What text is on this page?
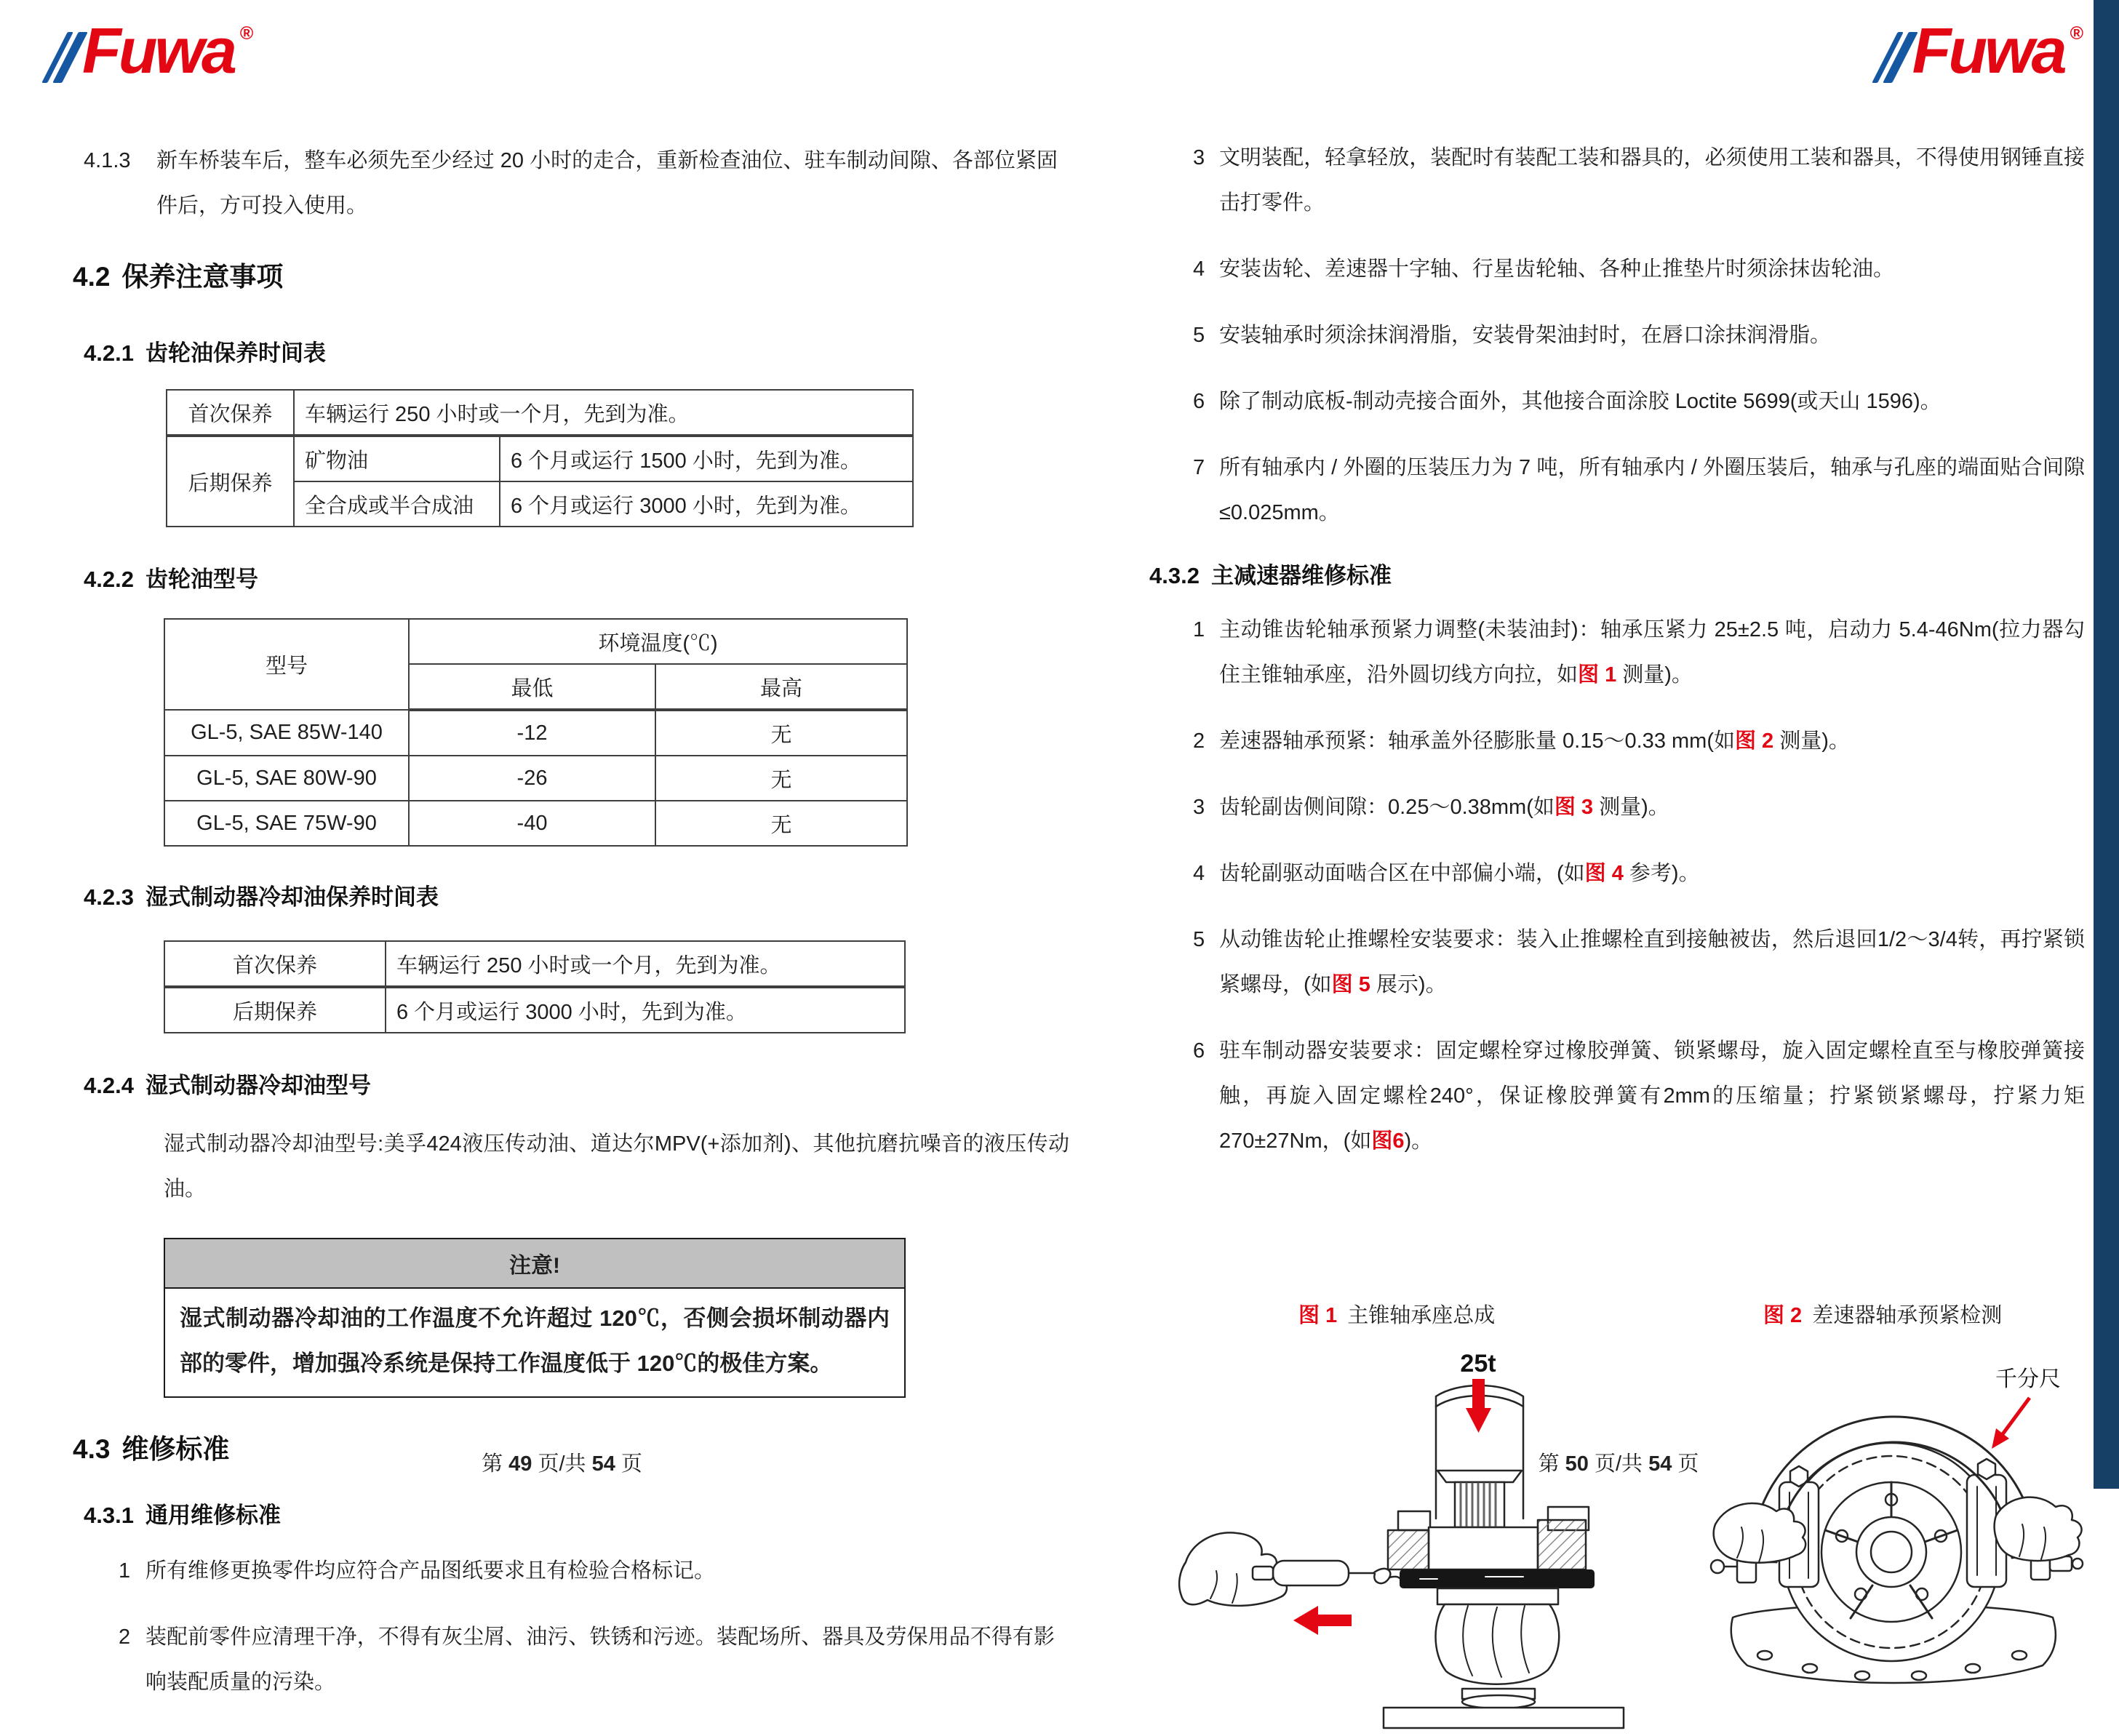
Fuwa ®

4.1.3 新车桥装车后，整车必须先至少经过 20 小时的走合，重新检查油位、驻车制动间隙、各部位紧固件后，方可投入使用。

4.2 保养注意事项
4.2.1 齿轮油保养时间表
首次保养	车辆运行 250 小时或一个月，先到为准。	
后期保养	矿物油	6 个月或运行 1500 小时，先到为准。
	全合成或半合成油	6 个月或运行 3000 小时，先到为准。
4.2.2 齿轮油型号
型号	环境温度(℃)	
	最低	最高
GL-5, SAE 85W-140	-12	无
GL-5, SAE 80W-90	-26	无
GL-5, SAE 75W-90	-40	无
4.2.3 湿式制动器冷却油保养时间表
首次保养	车辆运行 250 小时或一个月，先到为准。
后期保养	6 个月或运行 3000 小时，先到为准。
4.2.4 湿式制动器冷却油型号

湿式制动器冷却油型号:美孚424液压传动油、道达尔MPV(+添加剂)、其他抗磨抗噪音的液压传动油。

注意!
湿式制动器冷却油的工作温度不允许超过 120℃，否侧会损坏制动器内部的零件，增加强冷系统是保持工作温度低于 120℃的极佳方案。
4.3 维修标准
4.3.1 通用维修标准

1 所有维修更换零件均应符合产品图纸要求且有检验合格标记。

2 装配前零件应清理干净，不得有灰尘屑、油污、铁锈和污迹。装配场所、器具及劳保用品不得有影响装配质量的污染。

第 49 页/共 54 页
Fuwa ®

3 文明装配，轻拿轻放，装配时有装配工装和器具的，必须使用工装和器具，不得使用钢锤直接击打零件。

4 安装齿轮、差速器十字轴、行星齿轮轴、各种止推垫片时须涂抹齿轮油。

5 安装轴承时须涂抹润滑脂，安装骨架油封时，在唇口涂抹润滑脂。

6 除了制动底板-制动壳接合面外，其他接合面涂胶 Loctite 5699(或天山 1596)。

7 所有轴承内 / 外圈的压装压力为 7 吨，所有轴承内 / 外圈压装后，轴承与孔座的端面贴合间隙≤0.025mm。

4.3.2 主减速器维修标准

1 主动锥齿轮轴承预紧力调整(未装油封)：轴承压紧力 25±2.5 吨，启动力 5.4-46Nm(拉力器勾住主锥轴承座，沿外圆切线方向拉，如图 1 测量)。

2 差速器轴承预紧：轴承盖外径膨胀量 0.15～0.33 mm(如图 2 测量)。

3 齿轮副齿侧间隙：0.25～0.38mm(如图 3 测量)。

4 齿轮副驱动面啮合区在中部偏小端，(如图 4 参考)。

5 从动锥齿轮止推螺栓安装要求：装入止推螺栓直到接触被齿，然后退回1/2～3/4转，再拧紧锁紧螺母，(如图 5 展示)。

6 驻车制动器安装要求：固定螺栓穿过橡胶弹簧、锁紧螺母，旋入固定螺栓直至与橡胶弹簧接触，再旋入固定螺栓240°，保证橡胶弹簧有2mm的压缩量；拧紧锁紧螺母，拧紧力矩270±27Nm，(如图6)。

图 1 主锥轴承座总成	图 2 差速器轴承预紧检测
25t
千分尺
第 50 页/共 54 页
